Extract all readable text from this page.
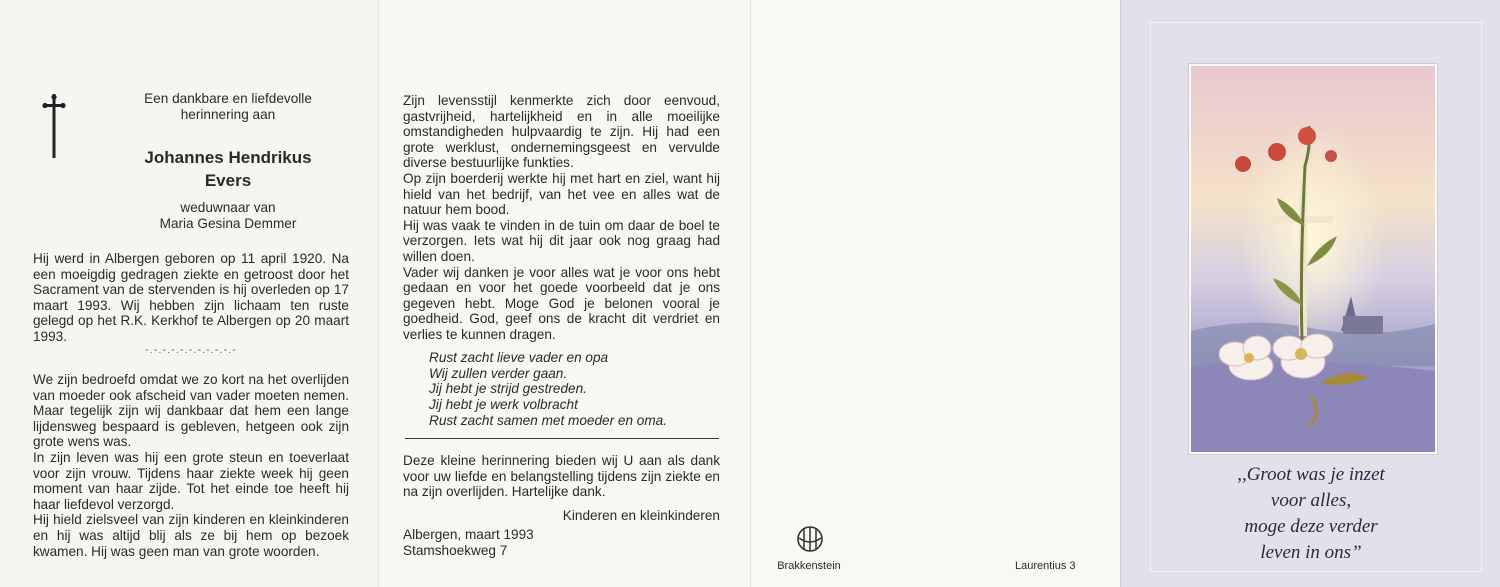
Een dankbare en liefdevolle
herinnering aan
Johannes Hendrikus
Evers
weduwnaar van
Maria Gesina Demmer
Hij werd in Albergen geboren op 11 april 1920. Na een moeigdig gedragen ziekte en getroost door het Sacrament van de stervenden is hij overleden op 17 maart 1993. Wij hebben zijn lichaam ten ruste gelegd op het R.K. Kerkhof te Albergen op 20 maart 1993.
-.-.-.-.-.-.-.-.-.-.-
We zijn bedroefd omdat we zo kort na het overlijden van moeder ook afscheid van vader moeten nemen. Maar tegelijk zijn wij dankbaar dat hem een lange lijdensweg bespaard is gebleven, hetgeen ook zijn grote wens was.
In zijn leven was hij een grote steun en toeverlaat voor zijn vrouw. Tijdens haar ziekte week hij geen moment van haar zijde. Tot het einde toe heeft hij haar liefdevol verzorgd.
Hij hield zielsveel van zijn kinderen en kleinkinderen en hij was altijd blij als ze bij hem op bezoek kwamen. Hij was geen man van grote woorden.
Zijn levensstijl kenmerkte zich door eenvoud, gastvrijheid, hartelijkheid en in alle moeilijke omstandigheden hulpvaardig te zijn. Hij had een grote werklust, ondernemingsgeest en vervulde diverse bestuurlijke funkties.
Op zijn boerderij werkte hij met hart en ziel, want hij hield van het bedrijf, van het vee en alles wat de natuur hem bood.
Hij was vaak te vinden in de tuin om daar de boel te verzorgen. Iets wat hij dit jaar ook nog graag had willen doen.
Vader wij danken je voor alles wat je voor ons hebt gedaan en voor het goede voorbeeld dat je ons gegeven hebt. Moge God je belonen vooral je goedheid. God, geef ons de kracht dit verdriet en verlies te kunnen dragen.
Rust zacht lieve vader en opa
Wij zullen verder gaan.
Jij hebt je strijd gestreden.
Jij hebt je werk volbracht
Rust zacht samen met moeder en oma.
Deze kleine herinnering bieden wij U aan als dank voor uw liefde en belangstelling tijdens zijn ziekte en na zijn overlijden. Hartelijke dank.
Kinderen en kleinkinderen
Albergen, maart 1993
Stamshoekweg 7
Brakkenstein	Laurentius 3
,,Groot was je inzet
voor alles,
moge deze verder
leven in ons”
